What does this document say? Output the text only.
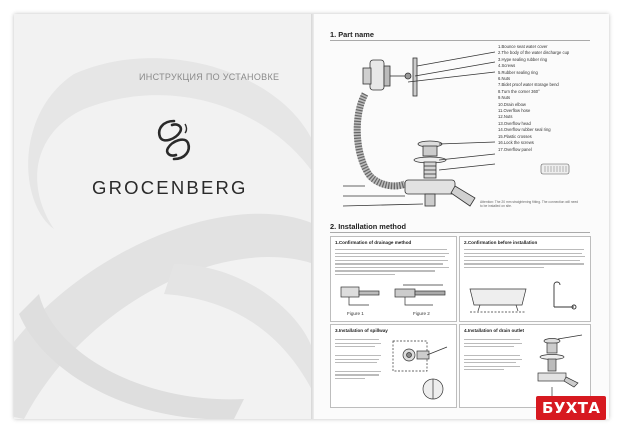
ИНСТРУКЦИЯ ПО УСТАНОВКЕ
GROCENBERG
1. Part name
1.Bounce seat water cover
2.The body of the water discharge cup
3.Hype sealing rubber ring
4.Screws
5.Rubber sealing ring
6.Nuts
7.Bidet proof water storage bend
8.Turn the corner 360°
9.Nuts
10.Drain elbow
11.Overflow hose
12.Nuts
13.Overflow head
14.Overflow rubber seal ring
15.Plastic crosses
16.Lock the screws
17.Overflow panel
Attention: The 20 mm straightening fitting. The connection will need to be installed on site.
2. Installation method
1.Confirmation of drainage method
Figure 1	Figure 2
2.Confirmation before installation
3.Installation of spillway	4.Installation of drain outlet
БУХТА
